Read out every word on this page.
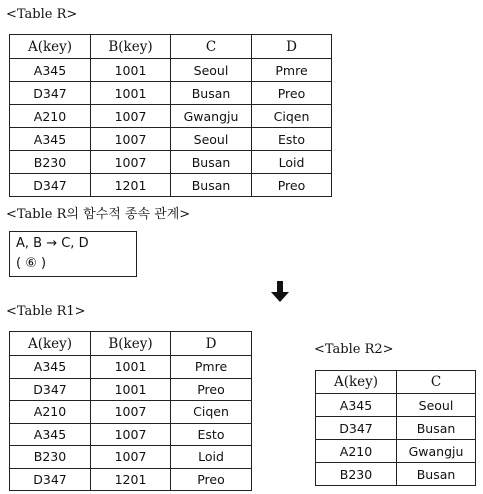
<Table R>
A(key)	B(key)	C	D
A345	1001	Seoul	Pmre
D347	1001	Busan	Preo
A210	1007	Gwangju	Ciqen
A345	1007	Seoul	Esto
B230	1007	Busan	Loid
D347	1201	Busan	Preo
<Table R의 함수적 종속 관계>
A, B → C, D
( ⑥ )
<Table R1>
A(key)	B(key)	D
A345	1001	Pmre
D347	1001	Preo
A210	1007	Ciqen
A345	1007	Esto
B230	1007	Loid
D347	1201	Preo
<Table R2>
A(key)	C
A345	Seoul
D347	Busan
A210	Gwangju
B230	Busan
